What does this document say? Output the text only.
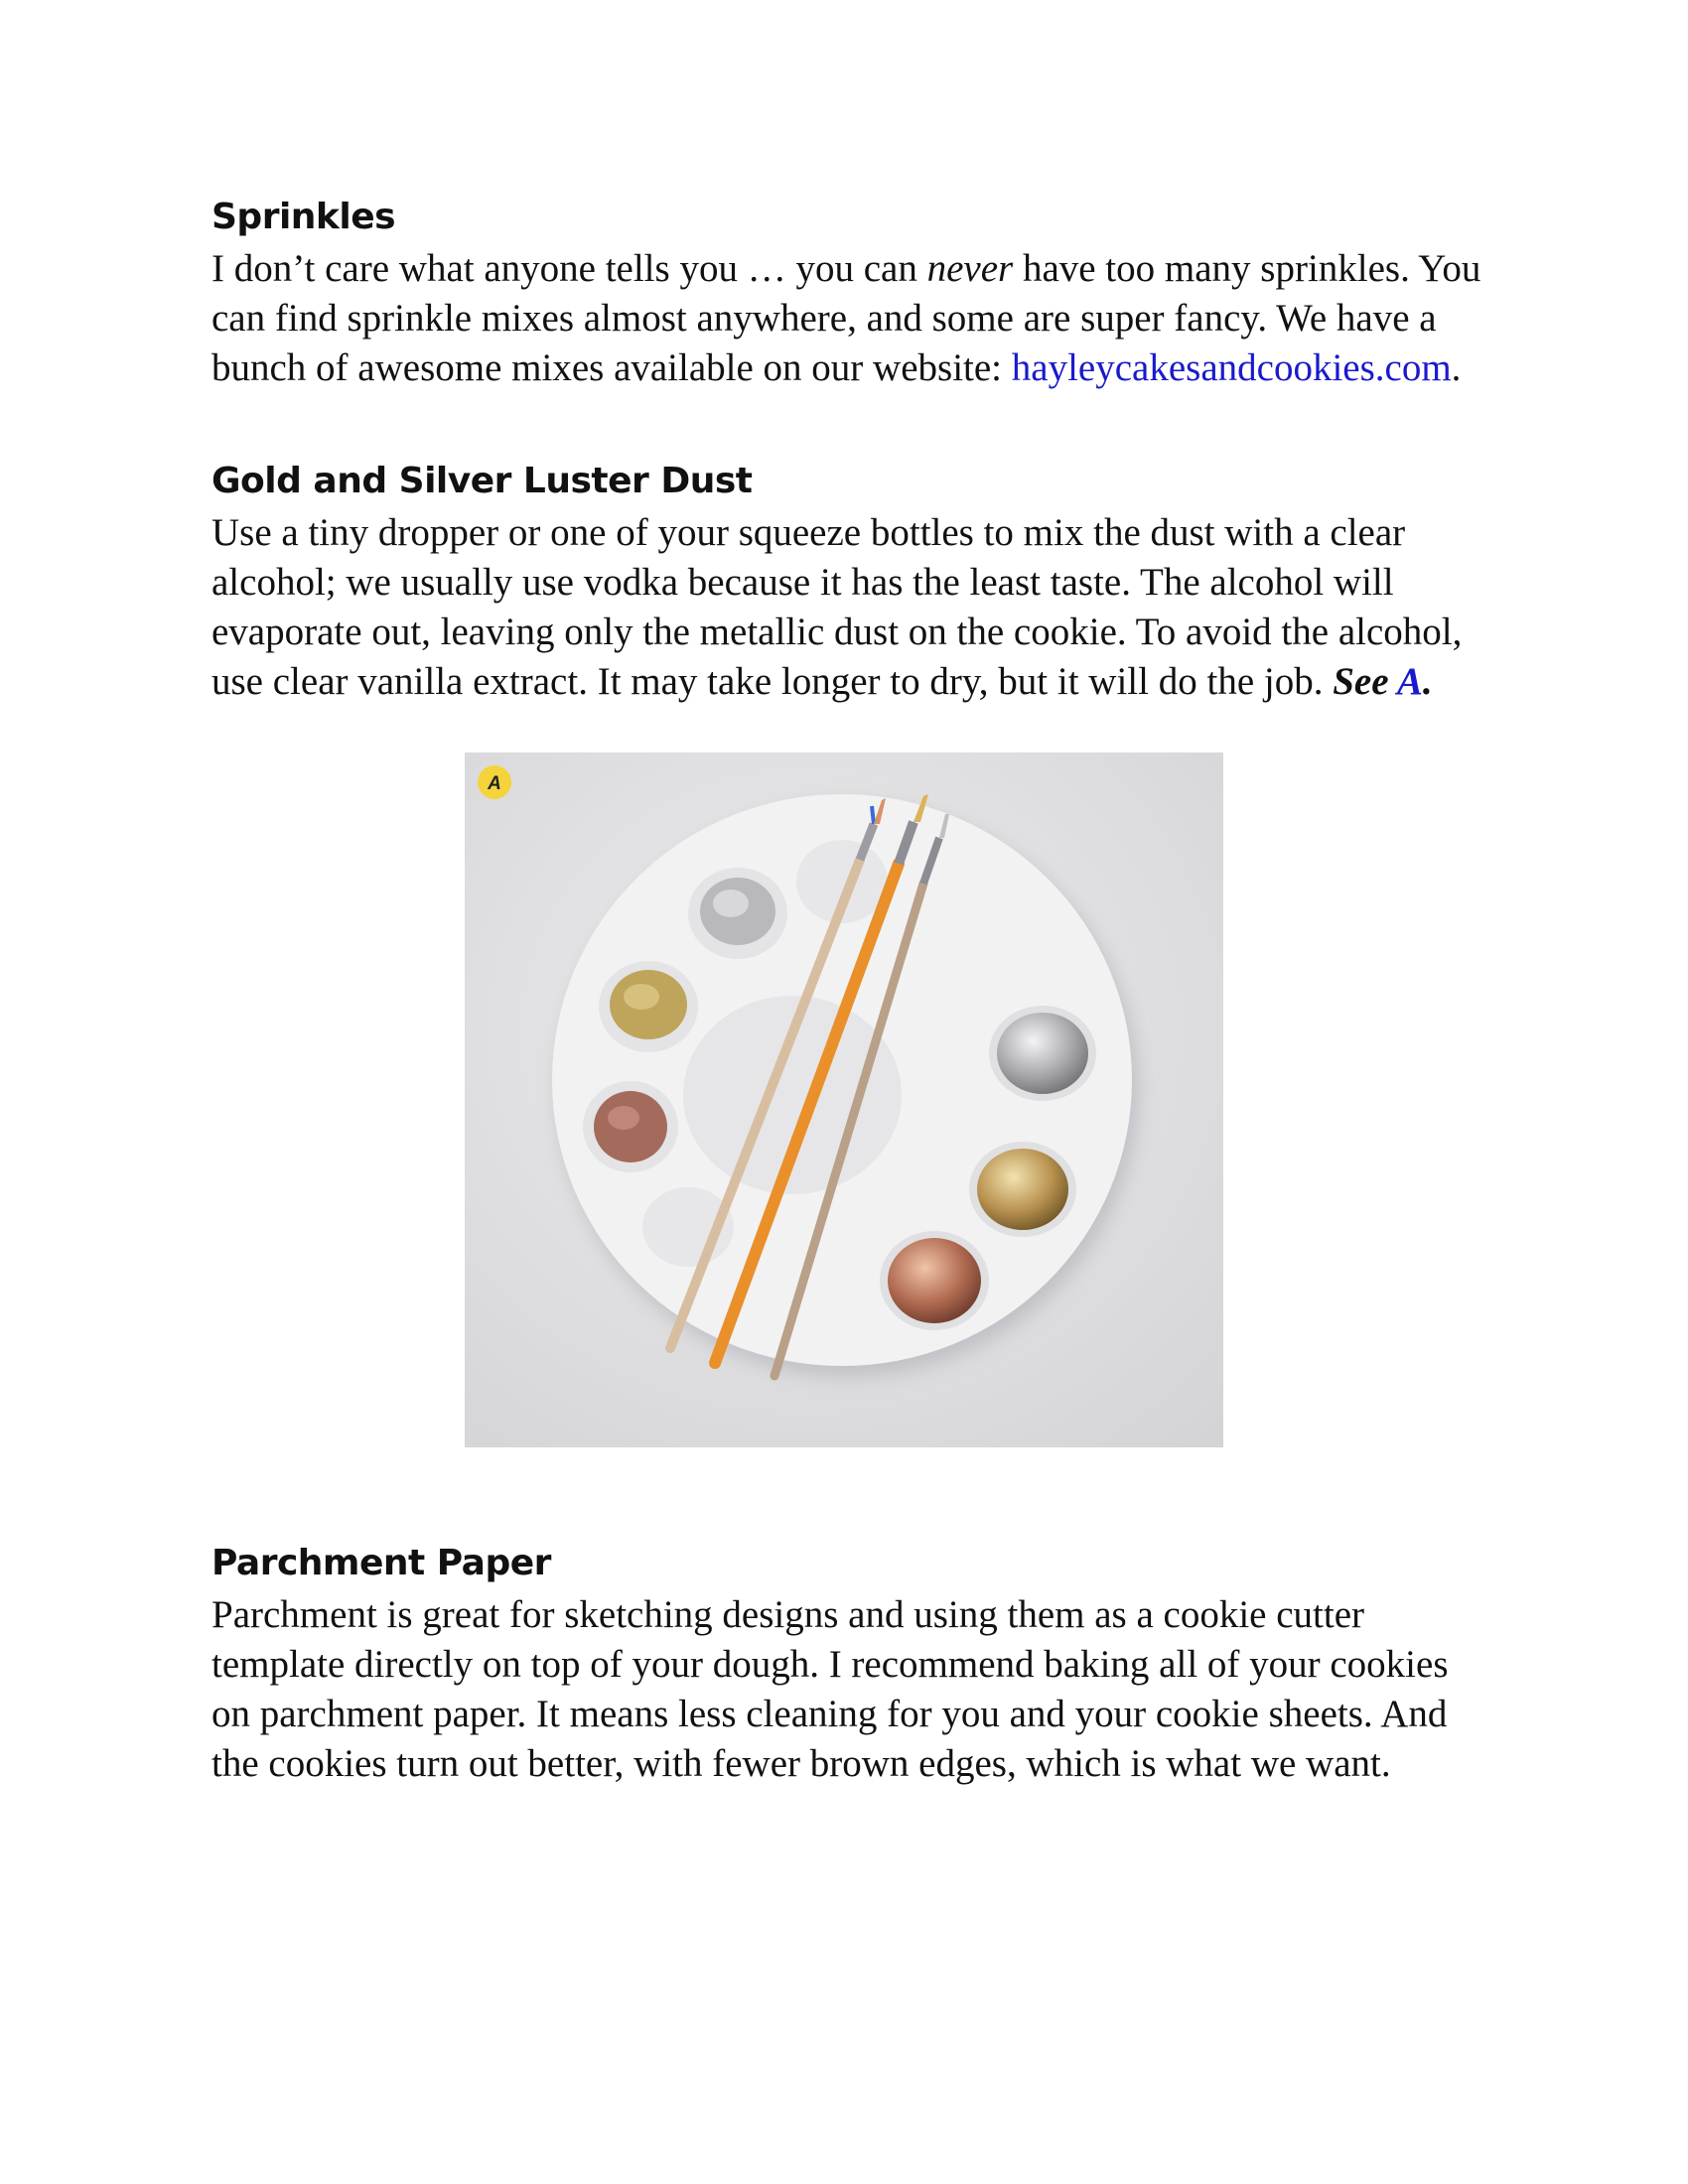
Sprinkles

I don’t care what anyone tells you … you can never have too many sprinkles. You can find sprinkle mixes almost anywhere, and some are super fancy. We have a bunch of awesome mixes available on our website: hayleycakesandcookies.com.

Gold and Silver Luster Dust

Use a tiny dropper or one of your squeeze bottles to mix the dust with a clear alcohol; we usually use vodka because it has the least taste. The alcohol will evaporate out, leaving only the metallic dust on the cookie. To avoid the alcohol, use clear vanilla extract. It may take longer to dry, but it will do the job. See A.

A
Parchment Paper

Parchment is great for sketching designs and using them as a cookie cutter template directly on top of your dough. I recommend baking all of your cookies on parchment paper. It means less cleaning for you and your cookie sheets. And the cookies turn out better, with fewer brown edges, which is what we want.
